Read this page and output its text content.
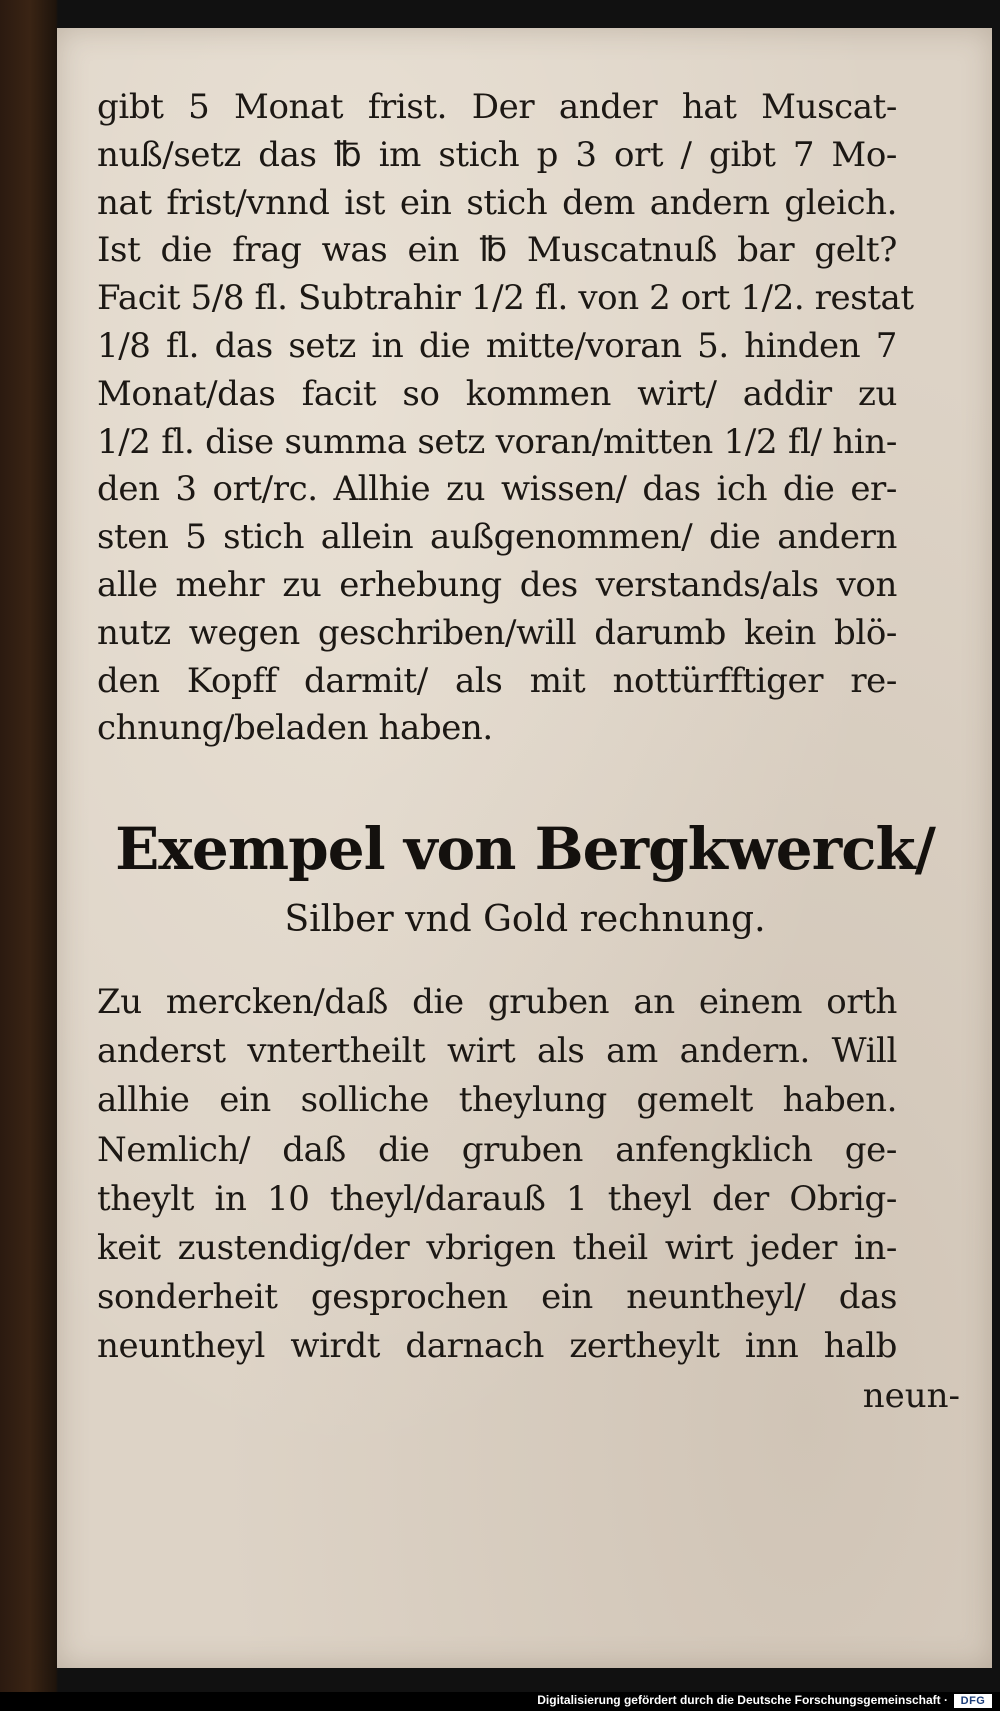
gibt 5 Monat frist. Der ander hat Muscat-
nuß/setz das ℔ im stich p 3 ort / gibt 7 Mo-
nat frist/vnnd ist ein stich dem andern gleich.
Ist die frag was ein ℔ Muscatnuß bar gelt?
Facit 5/8 fl. Subtrahir 1/2 fl. von 2 ort 1/2. restat
1/8 fl. das setz in die mitte/voran 5. hinden 7
Monat/das facit so kommen wirt/ addir zu
1/2 fl. dise summa setz voran/mitten 1/2 fl/ hin-
den 3 ort/rc. Allhie zu wissen/ das ich die er-
sten 5 stich allein außgenommen/ die andern
alle mehr zu erhebung des verstands/als von
nutz wegen geschriben/will darumb kein blö-
den Kopff darmit/ als mit nottürfftiger re-
chnung/beladen haben.
Exempel von Bergkwerck/
Silber vnd Gold rechnung.
Zu mercken/daß die gruben an einem orth
anderst vntertheilt wirt als am andern. Will
allhie ein solliche theylung gemelt haben.
Nemlich/ daß die gruben anfengklich ge-
theylt in 10 theyl/darauß 1 theyl der Obrig-
keit zustendig/der vbrigen theil wirt jeder in-
sonderheit gesprochen ein neuntheyl/ das
neuntheyl wirdt darnach zertheylt inn halb
neun-
Digitalisierung gefördert durch die Deutsche Forschungsgemeinschaft ·	DFG
